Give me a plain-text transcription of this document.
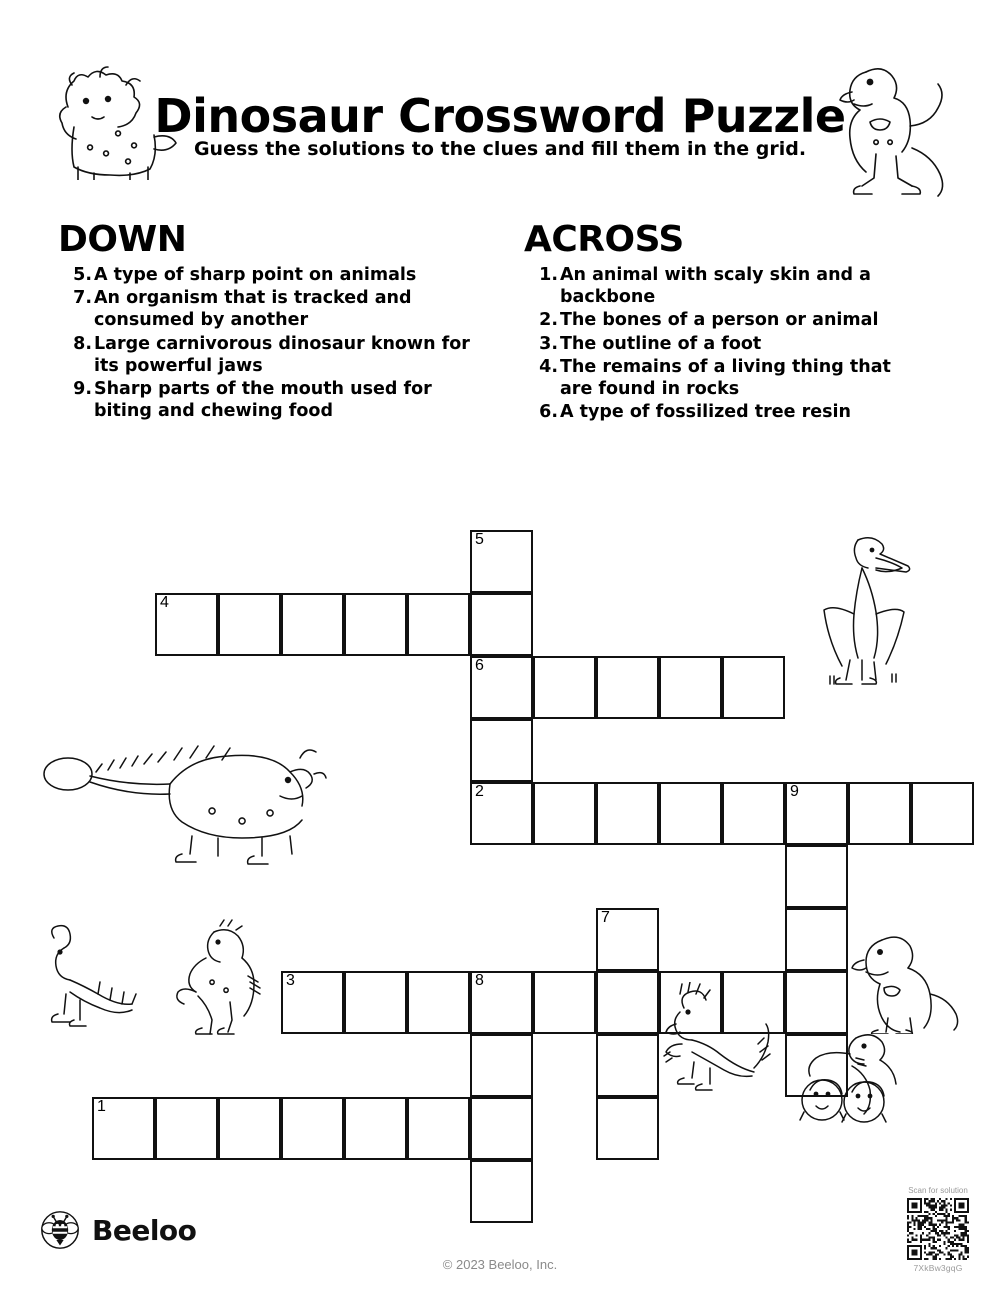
Dinosaur Crossword Puzzle
Guess the solutions to the clues and fill them in the grid.
DOWN
5. A type of sharp point on animals
7. An organism that is tracked and consumed by another
8. Large carnivorous dinosaur known for its powerful jaws
9. Sharp parts of the mouth used for biting and chewing food
ACROSS
1. An animal with scaly skin and a backbone
2. The bones of a person or animal
3. The outline of a foot
4. The remains of a living thing that are found in rocks
6. A type of fossilized tree resin
5
6
2
4
9
7
3	8
1
Beeloo
© 2023 Beeloo, Inc.
Scan for solution
7XkBw3gqG
